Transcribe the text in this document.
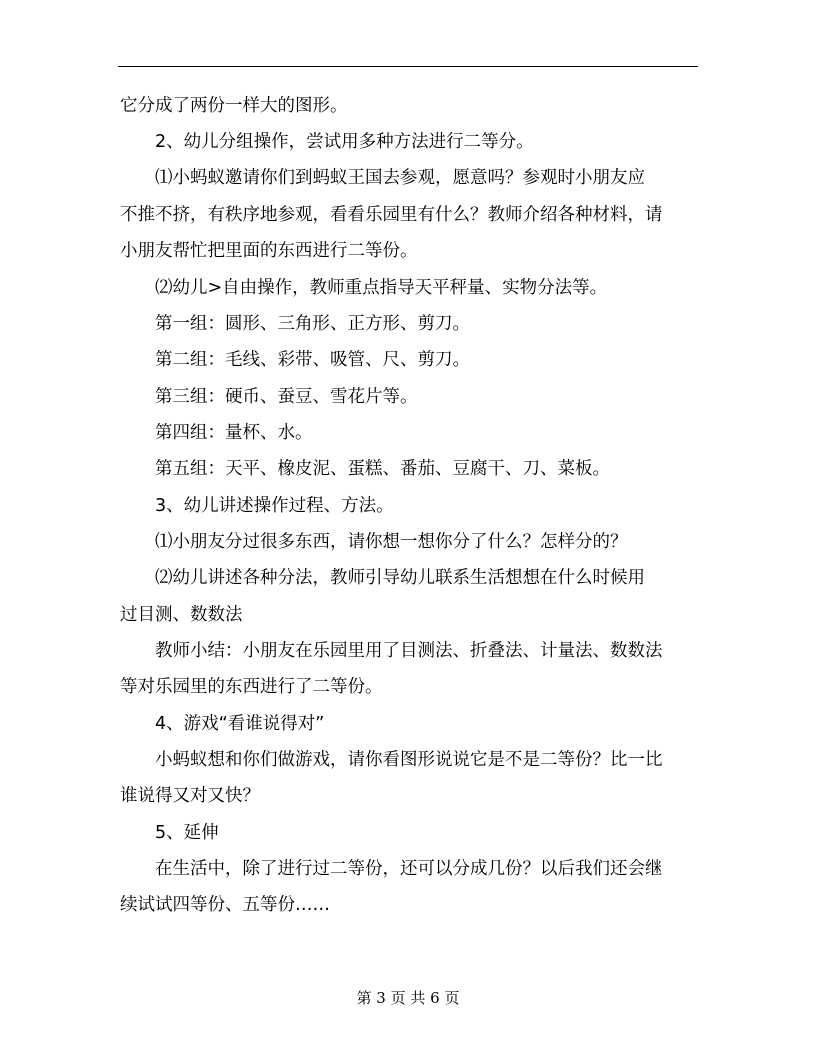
它分成了两份一样大的图形。
2、幼儿分组操作，尝试用多种方法进行二等分。
⑴小蚂蚁邀请你们到蚂蚁王国去参观，愿意吗？参观时小朋友应
不推不挤，有秩序地参观，看看乐园里有什么？教师介绍各种材料，请
小朋友帮忙把里面的东西进行二等份。
⑵幼儿>自由操作，教师重点指导天平秤量、实物分法等。
第一组：圆形、三角形、正方形、剪刀。
第二组：毛线、彩带、吸管、尺、剪刀。
第三组：硬币、蚕豆、雪花片等。
第四组：量杯、水。
第五组：天平、橡皮泥、蛋糕、番茄、豆腐干、刀、菜板。
3、幼儿讲述操作过程、方法。
⑴小朋友分过很多东西，请你想一想你分了什么？怎样分的？
⑵幼儿讲述各种分法，教师引导幼儿联系生活想想在什么时候用
过目测、数数法
教师小结：小朋友在乐园里用了目测法、折叠法、计量法、数数法
等对乐园里的东西进行了二等份。
4、游戏“看谁说得对”
小蚂蚁想和你们做游戏，请你看图形说说它是不是二等份？比一比
谁说得又对又快？
5、延伸
在生活中，除了进行过二等份，还可以分成几份？以后我们还会继
续试试四等份、五等份……
第 3 页 共 6 页
